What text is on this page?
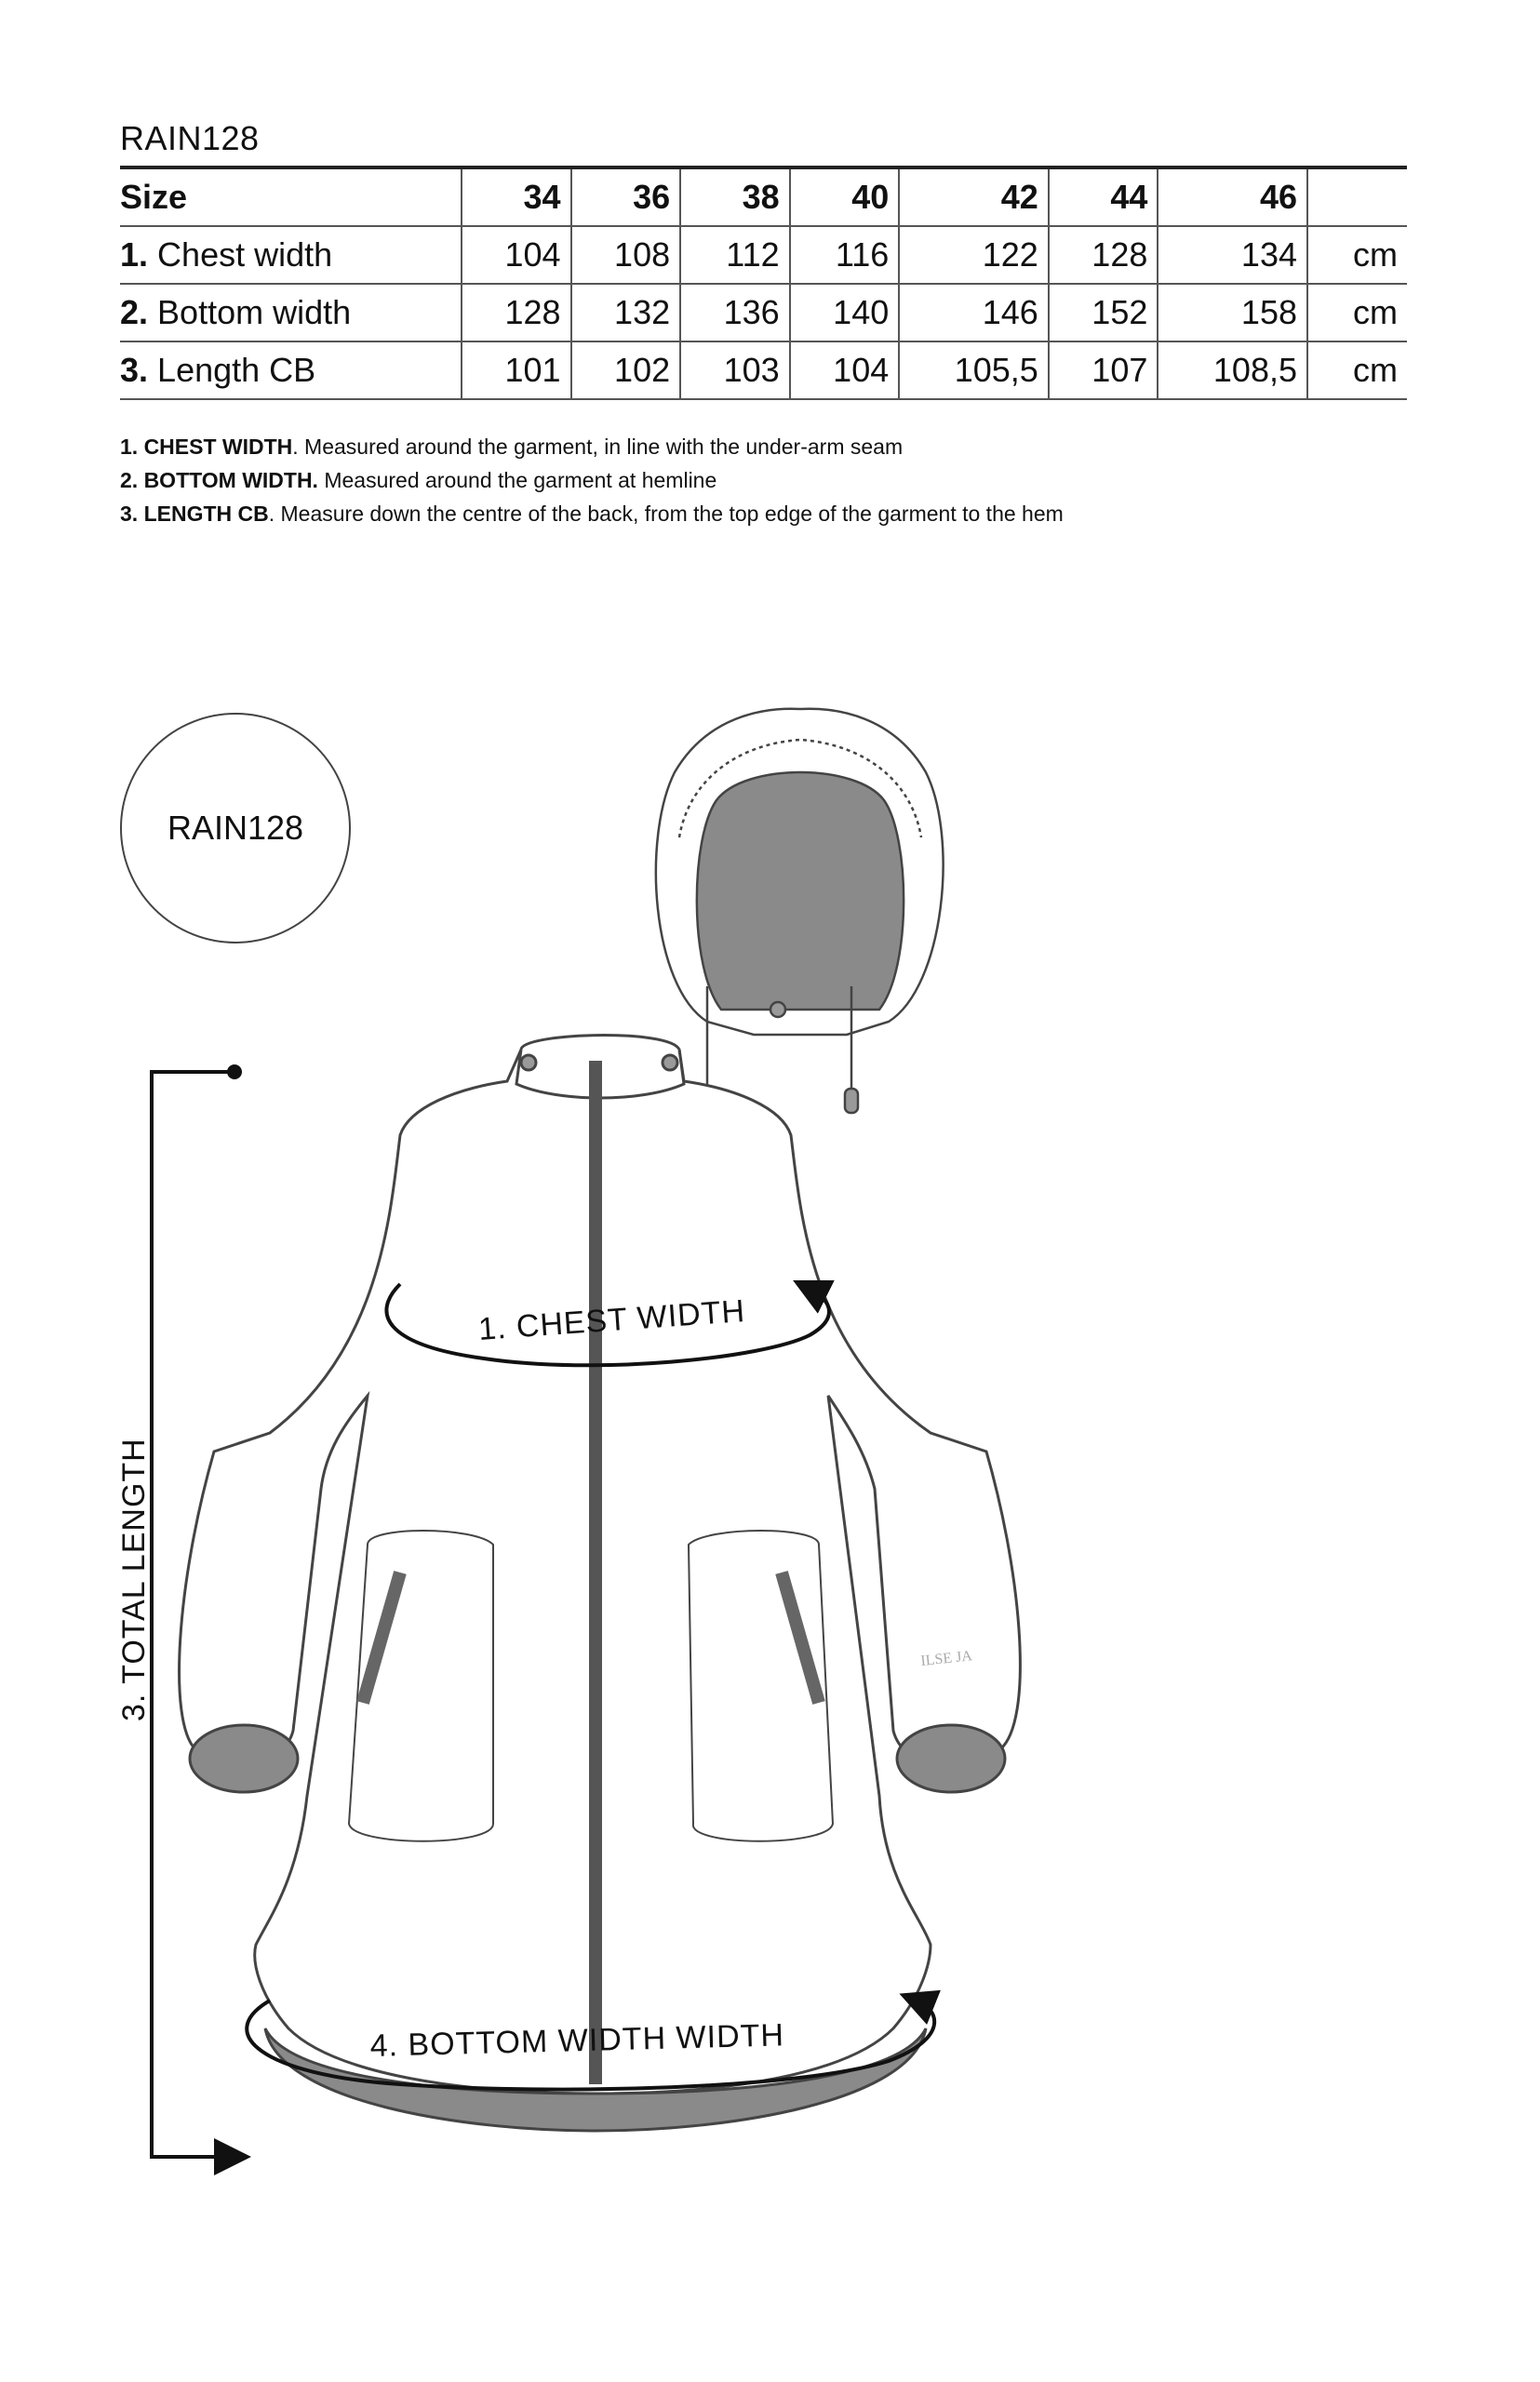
RAIN128
Size	34	36	38	40	42	44	46	
1. Chest width	104	108	112	116	122	128	134	cm
2. Bottom width	128	132	136	140	146	152	158	cm
3. Length CB	101	102	103	104	105,5	107	108,5	cm
1. CHEST WIDTH. Measured around the garment, in line with the under-arm seam
2. BOTTOM WIDTH. Measured around the garment at hemline
3. LENGTH CB. Measure down the centre of the back, from the top edge of the garment to the hem
RAIN128
ILSE JA
1. CHEST WIDTH
4. BOTTOM WIDTH WIDTH
3. TOTAL LENGTH
